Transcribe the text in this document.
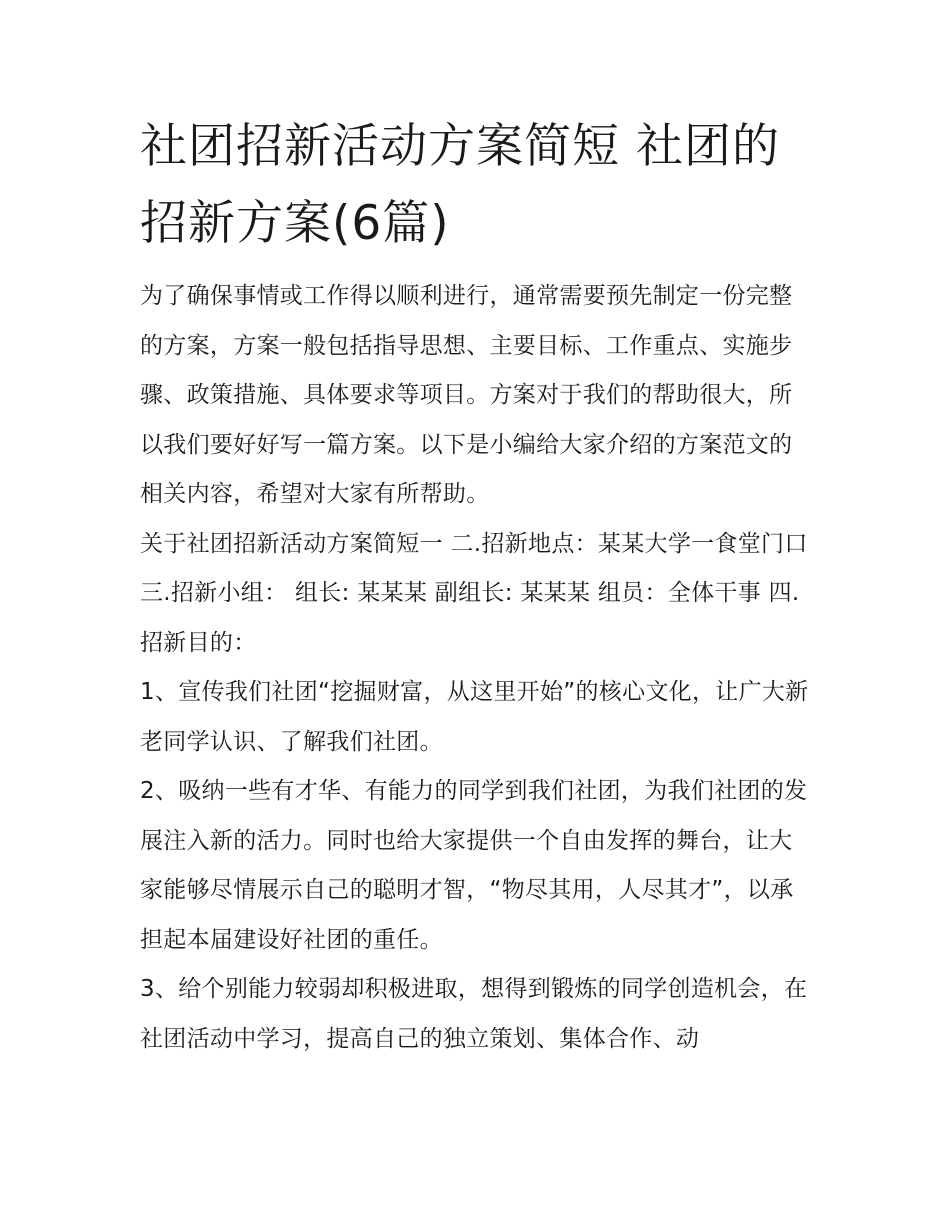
社团招新活动方案简短 社团的招新方案(6篇)

为了确保事情或工作得以顺利进行，通常需要预先制定一份完整的方案，方案一般包括指导思想、主要目标、工作重点、实施步骤、政策措施、具体要求等项目。方案对于我们的帮助很大，所以我们要好好写一篇方案。以下是小编给大家介绍的方案范文的相关内容，希望对大家有所帮助。

关于社团招新活动方案简短一 二.招新地点：某某大学一食堂门口 三.招新小组： 组长: 某某某 副组长: 某某某 组员：全体干事 四.招新目的：

1、宣传我们社团“挖掘财富，从这里开始”的核心文化，让广大新老同学认识、了解我们社团。

2、吸纳一些有才华、有能力的同学到我们社团，为我们社团的发展注入新的活力。同时也给大家提供一个自由发挥的舞台，让大家能够尽情展示自己的聪明才智，“物尽其用，人尽其才”，以承担起本届建设好社团的重任。

3、给个别能力较弱却积极进取，想得到锻炼的同学创造机会，在社团活动中学习，提高自己的独立策划、集体合作、动
